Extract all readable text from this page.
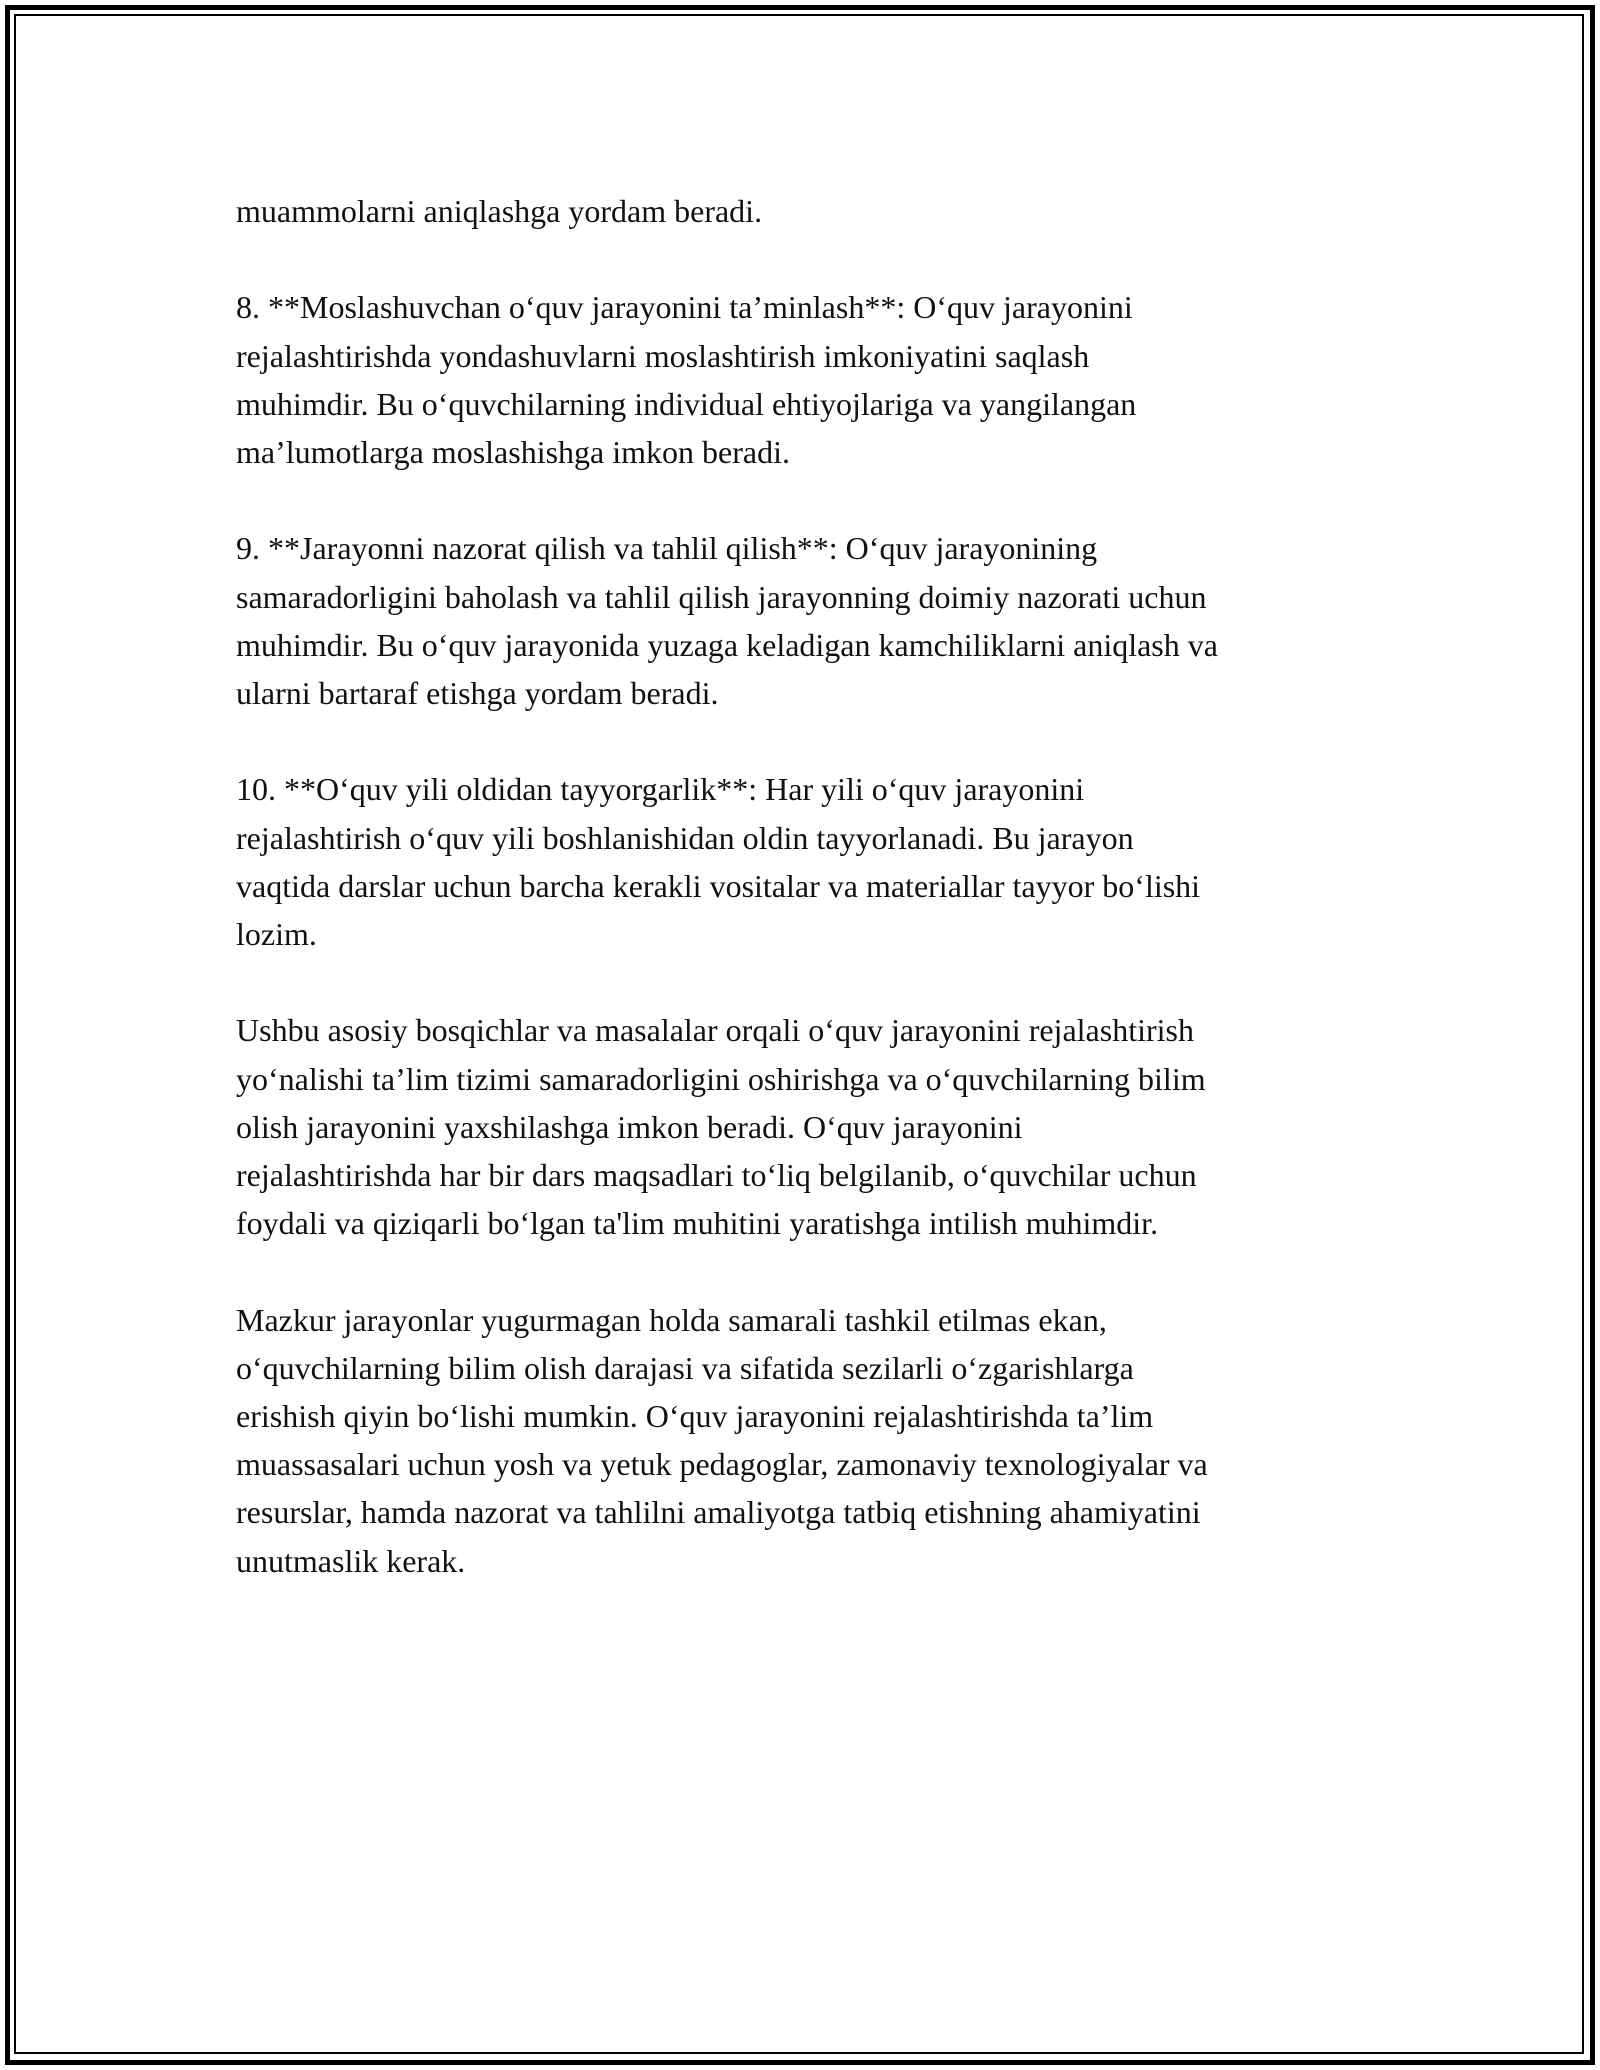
muammolarni aniqlashga yordam beradi.

8. **Moslashuvchan o‘quv jarayonini ta’minlash**: O‘quv jarayonini
rejalashtirishda yondashuvlarni moslashtirish imkoniyatini saqlash
muhimdir. Bu o‘quvchilarning individual ehtiyojlariga va yangilangan
ma’lumotlarga moslashishga imkon beradi.

9. **Jarayonni nazorat qilish va tahlil qilish**: O‘quv jarayonining
samaradorligini baholash va tahlil qilish jarayonning doimiy nazorati uchun
muhimdir. Bu o‘quv jarayonida yuzaga keladigan kamchiliklarni aniqlash va
ularni bartaraf etishga yordam beradi.

10. **O‘quv yili oldidan tayyorgarlik**: Har yili o‘quv jarayonini
rejalashtirish o‘quv yili boshlanishidan oldin tayyorlanadi. Bu jarayon
vaqtida darslar uchun barcha kerakli vositalar va materiallar tayyor bo‘lishi
lozim.

Ushbu asosiy bosqichlar va masalalar orqali o‘quv jarayonini rejalashtirish
yo‘nalishi ta’lim tizimi samaradorligini oshirishga va o‘quvchilarning bilim
olish jarayonini yaxshilashga imkon beradi. O‘quv jarayonini
rejalashtirishda har bir dars maqsadlari to‘liq belgilanib, o‘quvchilar uchun
foydali va qiziqarli bo‘lgan ta'lim muhitini yaratishga intilish muhimdir.

Mazkur jarayonlar yugurmagan holda samarali tashkil etilmas ekan,
o‘quvchilarning bilim olish darajasi va sifatida sezilarli o‘zgarishlarga
erishish qiyin bo‘lishi mumkin. O‘quv jarayonini rejalashtirishda ta’lim
muassasalari uchun yosh va yetuk pedagoglar, zamonaviy texnologiyalar va
resurslar, hamda nazorat va tahlilni amaliyotga tatbiq etishning ahamiyatini
unutmaslik kerak.
